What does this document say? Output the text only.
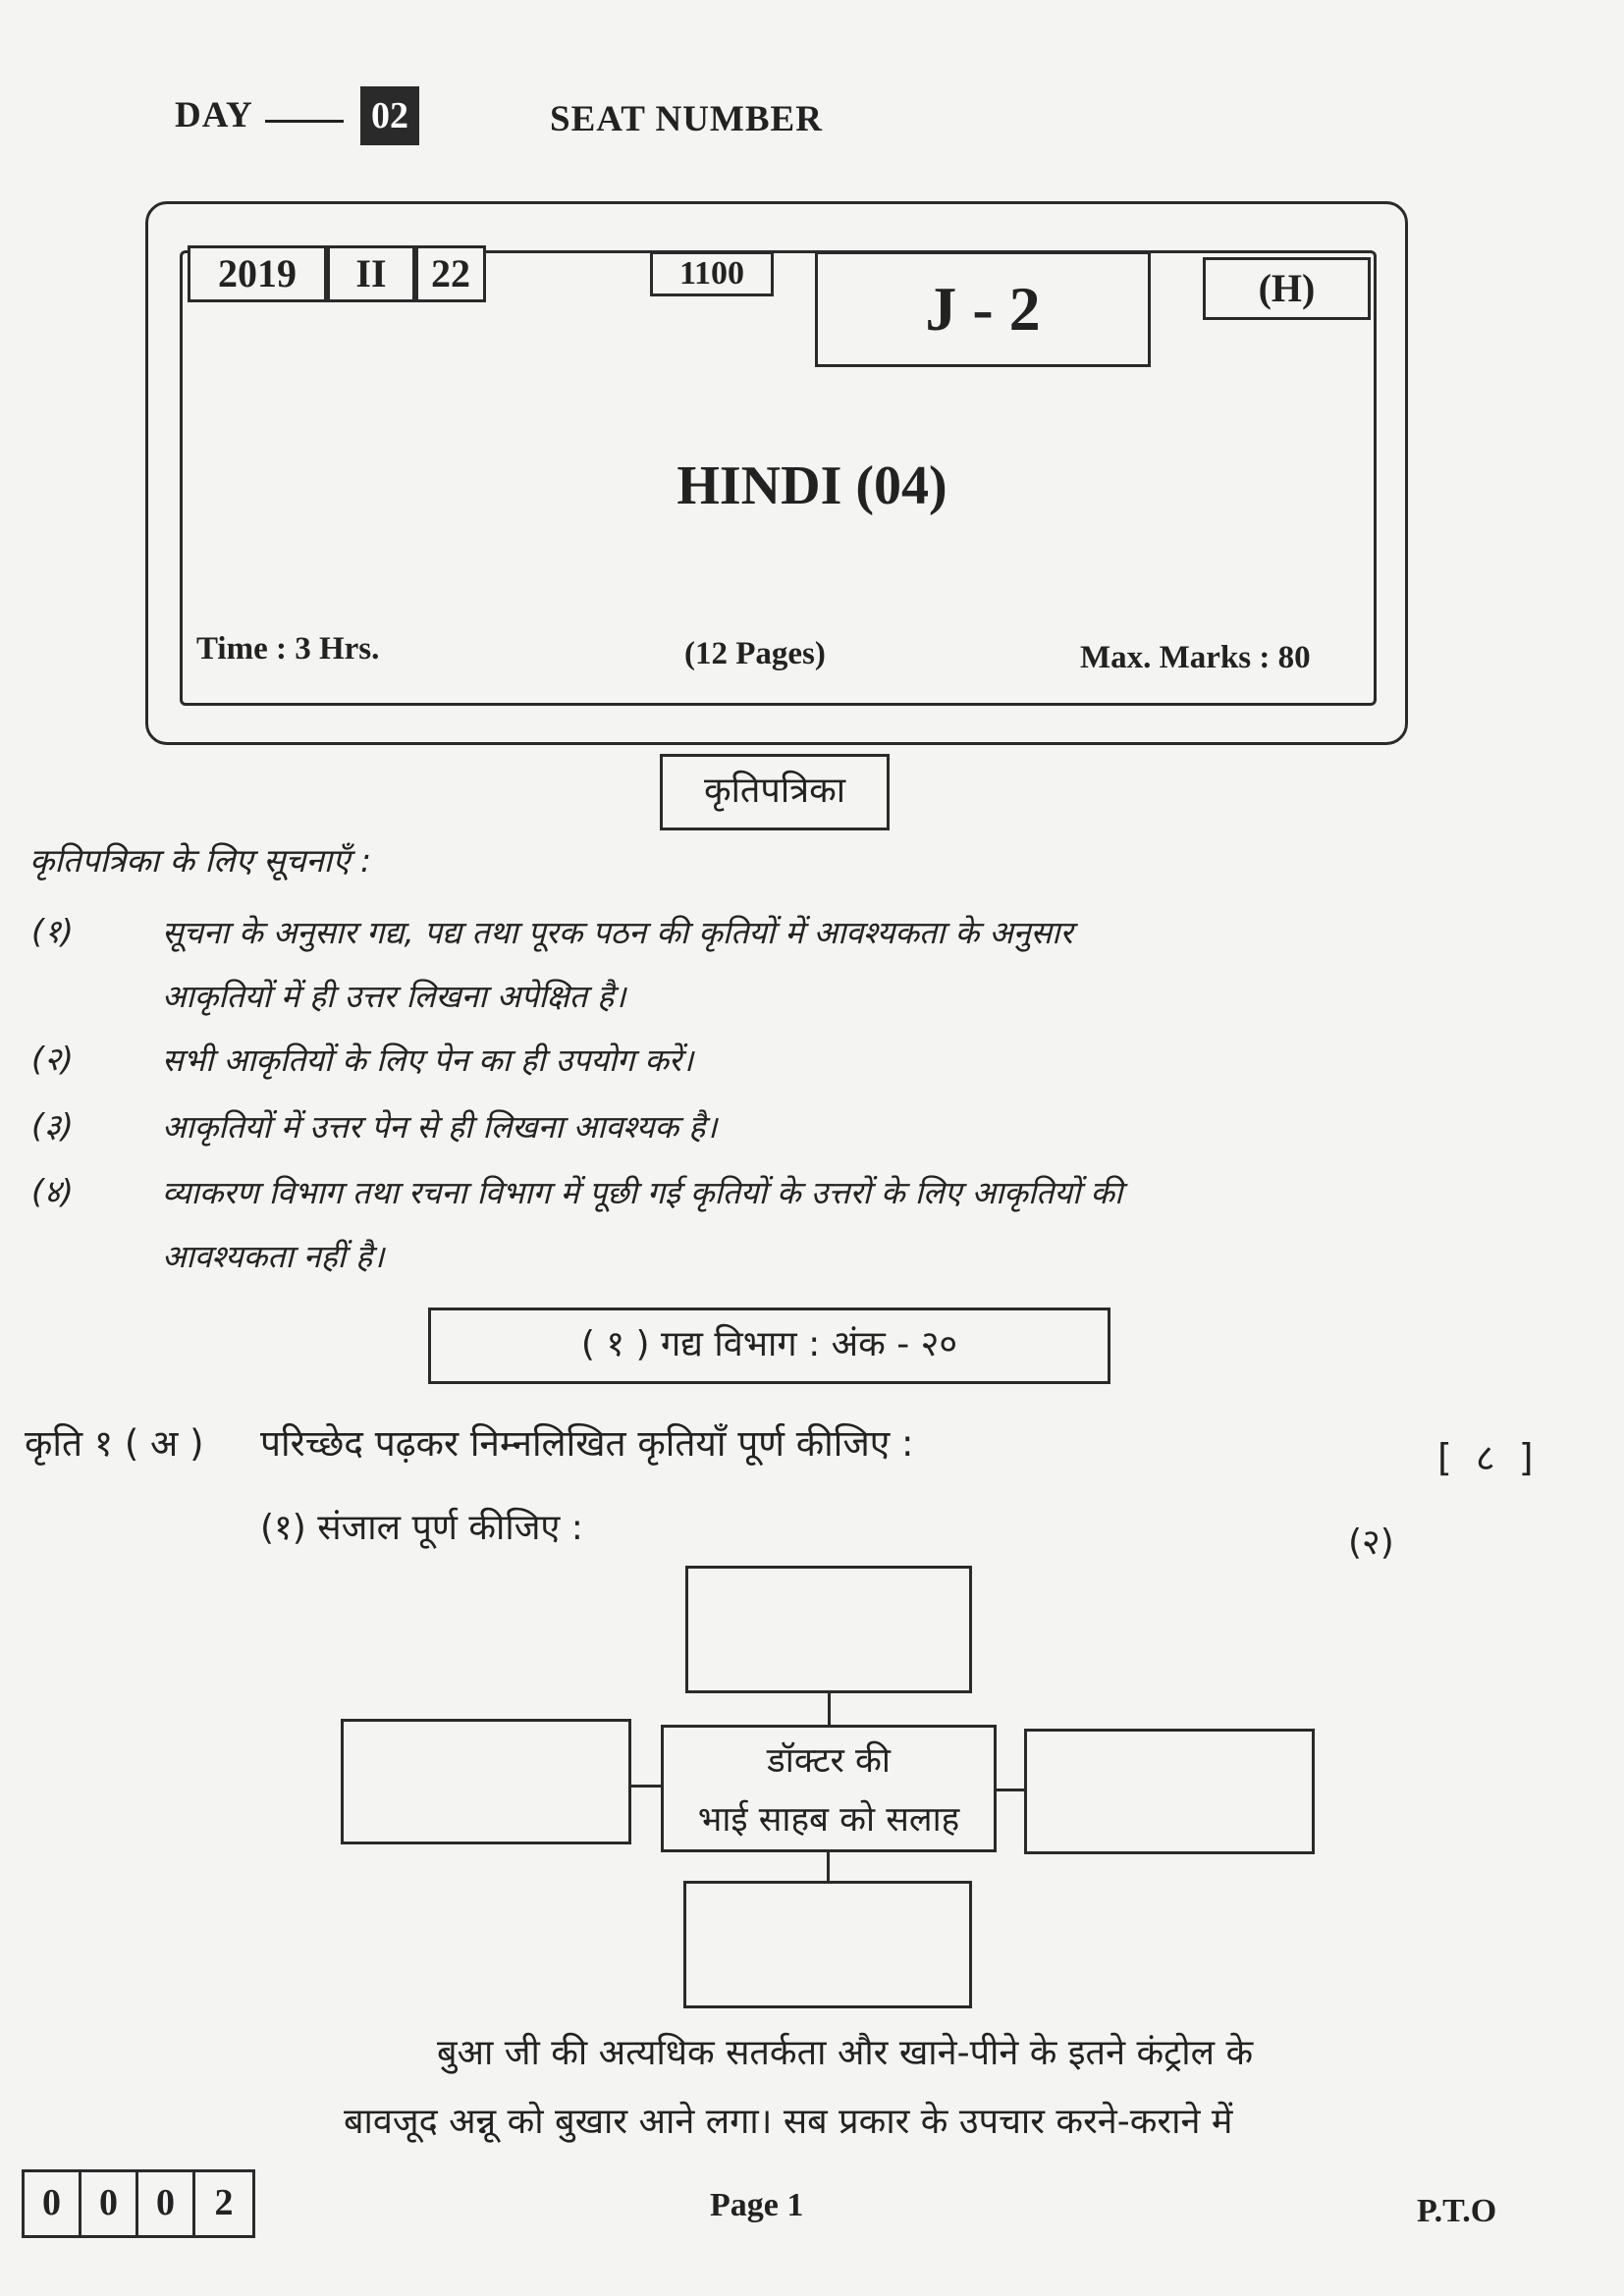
DAY	02	SEAT NUMBER
2019	II	22	1100
J - 2	(H)
HINDI (04)
Time : 3 Hrs.	(12 Pages)	Max. Marks : 80
कृतिपत्रिका
कृतिपत्रिका के लिए सूचनाएँ :
(१)	सूचना के अनुसार गद्य, पद्य तथा पूरक पठन की कृतियों में आवश्यकता के अनुसार
आकृतियों में ही उत्तर लिखना अपेक्षित है।
(२)	सभी आकृतियों के लिए पेन का ही उपयोग करें।
(३)	आकृतियों में उत्तर पेन से ही लिखना आवश्यक है।
(४)	व्याकरण विभाग तथा रचना विभाग में पूछी गई कृतियों के उत्तरों के लिए आकृतियों की
आवश्यकता नहीं है।
( १ ) गद्य विभाग : अंक - २०
कृति १ ( अ ) परिच्छेद पढ़कर निम्नलिखित कृतियाँ पूर्ण कीजिए :	[ ८ ]
(१) संजाल पूर्ण कीजिए :	(२)
डॉक्टर की
भाई साहब को सलाह
बुआ जी की अत्यधिक सतर्कता और खाने-पीने के इतने कंट्रोल के
बावजूद अन्नू को बुखार आने लगा। सब प्रकार के उपचार करने-कराने में
0	0	0	2	Page 1	P.T.O
